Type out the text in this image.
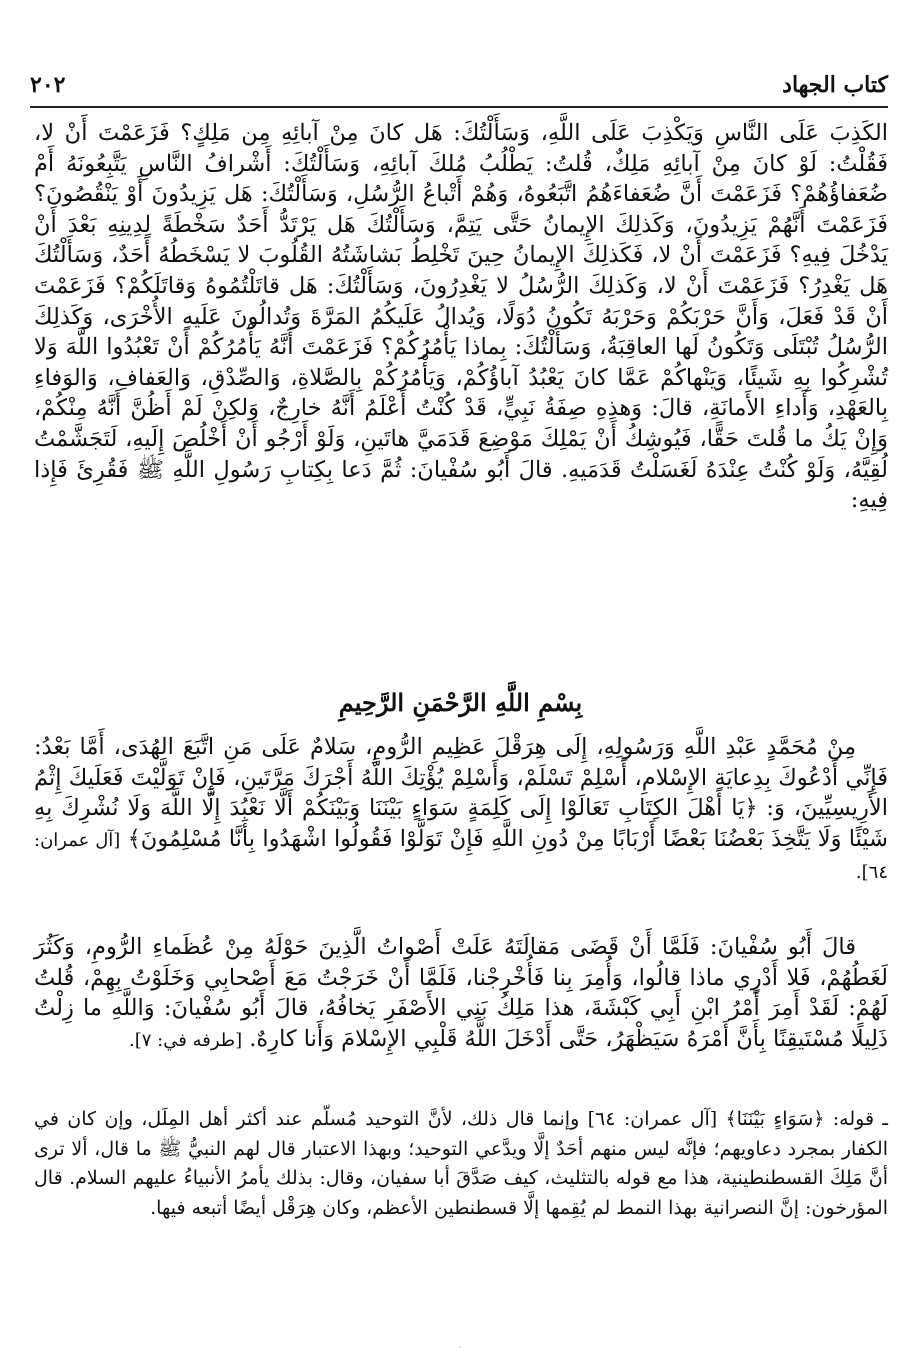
كتاب الجهاد
٢٠٢

الكَذِبَ عَلَى النَّاسِ وَيَكْذِبَ عَلَى اللَّهِ، وَسَأَلْتُكَ: هَل كانَ مِنْ آبائِهِ مِن مَلِكٍ؟ فَزَعَمْتَ أَنْ لا، فَقُلْتُ: لَوْ كانَ مِنْ آبائِهِ مَلِكٌ، قُلتُ: يَطْلُبُ مُلكَ آبائِهِ، وَسَأَلْتُكَ: أَشْرافُ النَّاسِ يَتَّبِعُونَهُ أَمْ ضُعَفاؤُهُمْ؟ فَزَعَمْتَ أَنَّ ضُعَفاءَهُمُ اتَّبَعُوهُ، وَهُمْ أَتْباعُ الرُّسُلِ، وَسَأَلْتُكَ: هَل يَزِيدُونَ أَوْ يَنْقُصُونَ؟ فَزَعَمْتَ أَنَّهُمْ يَزِيدُونَ، وَكَذلِكَ الإِيمانُ حَتَّى يَتِمَّ، وَسَأَلْتُكَ هَل يَرْتَدُّ أَحَدٌ سَخْطَةً لِدِينِهِ بَعْدَ أَنْ يَدْخُلَ فِيهِ؟ فَزَعَمْتَ أَنْ لا، فَكَذلِكَ الإِيمانُ حِينَ تَخْلِطُ بَشاشَتُهُ القُلُوبَ لا يَسْخَطُهُ أَحَدٌ، وَسَأَلْتُكَ هَل يَغْدِرُ؟ فَزَعَمْتَ أَنْ لا، وَكَذلِكَ الرُّسُلُ لا يَغْدِرُونَ، وَسَأَلْتُكَ: هَل قاتَلْتُمُوهُ وَقاتَلَكُمْ؟ فَزَعَمْتَ أَنْ قَدْ فَعَلَ، وَأَنَّ حَرْبَكُمْ وَحَرْبَهُ تَكُونُ دُوَلًا، وَيُدالُ عَلَيكُمُ المَرَّةَ وَتُدالُونَ عَلَيهِ الأُخْرَى، وَكَذلِكَ الرُّسُلُ تُبْتَلَى وَتَكُونُ لَها العاقِبَةُ، وَسَأَلْتُكَ: بِماذا يَأْمُرُكُمْ؟ فَزَعَمْتَ أَنَّهُ يَأْمُرُكُمْ أَنْ تَعْبُدُوا اللَّهَ وَلا تُشْرِكُوا بِهِ شَيئًا، وَيَنْهاكُمْ عَمَّا كانَ يَعْبُدُ آباؤُكُمْ، وَيَأْمُرُكُمْ بِالصَّلاةِ، وَالصِّدْقِ، وَالعَفافِ، وَالوَفاءِ بِالعَهْدِ، وَأَداءِ الأَمانَةِ، قالَ: وَهذِهِ صِفَةُ نَبِيٍّ، قَدْ كُنْتُ أَعْلَمُ أَنَّهُ خارِجٌ، وَلكِنْ لَمْ أَظُنَّ أَنَّهُ مِنْكُمْ، وَإِنْ يَكُ ما قُلتَ حَقًّا، فَيُوشِكُ أَنْ يَمْلِكَ مَوْضِعَ قَدَمَيَّ هاتَينِ، وَلَوْ أَرْجُو أَنْ أَخْلُصَ إِلَيهِ، لَتَجَشَّمْتُ لُقِيَّهُ، وَلَوْ كُنْتُ عِنْدَهُ لَغَسَلْتُ قَدَمَيهِ. قالَ أَبُو سُفْيانَ: ثُمَّ دَعا بِكِتابِ رَسُولِ اللَّهِ ﷺ فَقُرِئَ فَإِذا فِيهِ:

بِسْمِ اللَّهِ الرَّحْمَنِ الرَّحِيمِ

مِنْ مُحَمَّدٍ عَبْدِ اللَّهِ وَرَسُولِهِ، إِلَى هِرَقْلَ عَظِيمِ الرُّومِ، سَلامٌ عَلَى مَنِ اتَّبَعَ الهُدَى، أَمَّا بَعْدُ: فَإِنِّي أَدْعُوكَ بِدِعايَةِ الإِسْلامِ، أَسْلِمْ تَسْلَمْ، وَأَسْلِمْ يُؤْتِكَ اللَّهُ أَجْرَكَ مَرَّتَينِ، فَإِنْ تَوَلَّيْتَ فَعَلَيكَ إِثْمُ الأَرِيسِيِّينَ، وَ: ﴿يَا أَهْلَ الكِتَابِ تَعَالَوْا إِلَى كَلِمَةٍ سَوَاءٍ بَيْنَنَا وَبَيْنَكُمْ أَلَّا نَعْبُدَ إِلَّا اللَّهَ وَلَا نُشْرِكَ بِهِ شَيْئًا وَلَا يَتَّخِذَ بَعْضُنَا بَعْضًا أَرْبَابًا مِنْ دُونِ اللَّهِ فَإِنْ تَوَلَّوْا فَقُولُوا اشْهَدُوا بِأَنَّا مُسْلِمُونَ﴾ [آل عمران: ٦٤].

قالَ أَبُو سُفْيانَ: فَلَمَّا أَنْ قَضَى مَقالَتَهُ عَلَتْ أَصْواتُ الَّذِينَ حَوْلَهُ مِنْ عُظَماءِ الرُّومِ، وَكَثُرَ لَغَطُهُمْ، فَلا أَدْرِي ماذا قالُوا، وَأُمِرَ بِنا فَأُخْرِجْنا، فَلَمَّا أَنْ خَرَجْتُ مَعَ أَصْحابِي وَخَلَوْتُ بِهِمْ، قُلتُ لَهُمْ: لَقَدْ أَمِرَ أَمْرُ ابْنِ أَبِي كَبْشَةَ، هذا مَلِكُ بَنِي الأَصْفَرِ يَخافُهُ، قالَ أَبُو سُفْيانَ: وَاللَّهِ ما زِلْتُ ذَلِيلًا مُسْتَيقِنًا بِأَنَّ أَمْرَهُ سَيَظْهَرُ، حَتَّى أَدْخَلَ اللَّهُ قَلْبِي الإِسْلامَ وَأَنا كارِهٌ. [طرفه في: ٧].

ـ قوله: ﴿سَوَاءٍ بَيْنَنَا﴾ [آل عمران: ٦٤] وإنما قال ذلك، لأنَّ التوحيد مُسلّم عند أكثر أهل المِلَل، وإن كان في الكفار بمجرد دعاويهم؛ فإنَّه ليس منهم أحَدٌ إلَّا ويدَّعي التوحيد؛ وبهذا الاعتبار قال لهم النبيُّ ﷺ ما قال، ألا ترى أنَّ مَلِكَ القسطنطينية، هذا مع قوله بالتثليث، كيف صَدَّقَ أبا سفيان، وقال: بذلك يأمرُ الأنبياءُ عليهم السلام. قال المؤرخون: إنَّ النصرانية بهذا النمط لم يُقِمها إلَّا قسطنطين الأعظم، وكان هِرَقْل أيضًا أتبعه فيها.

.
